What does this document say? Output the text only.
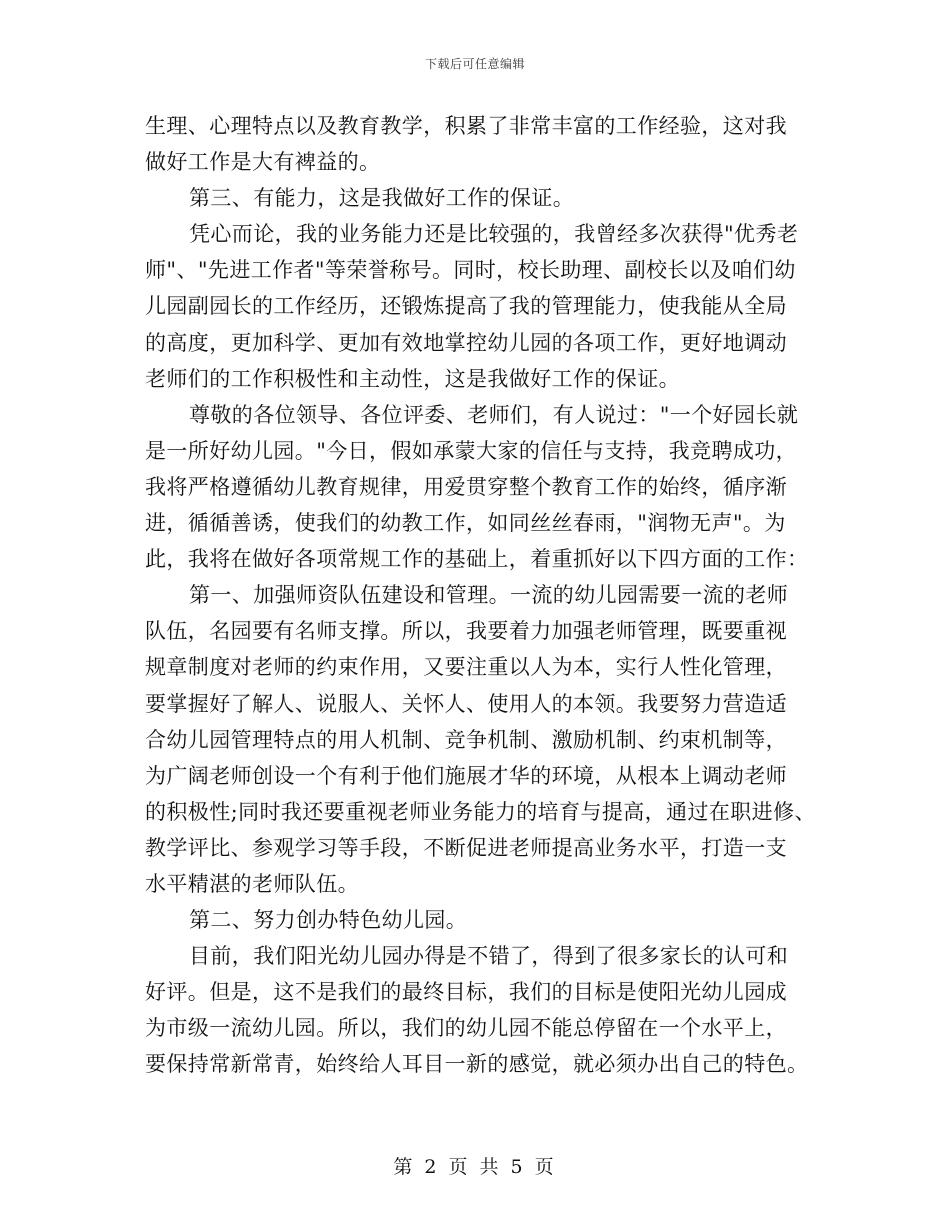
下载后可任意编辑
生理、心理特点以及教育教学，积累了非常丰富的工作经验，这对我
做好工作是大有裨益的。
第三、有能力，这是我做好工作的保证。
凭心而论，我的业务能力还是比较强的，我曾经多次获得"优秀老
师"、"先进工作者"等荣誉称号。同时，校长助理、副校长以及咱们幼
儿园副园长的工作经历，还锻炼提高了我的管理能力，使我能从全局
的高度，更加科学、更加有效地掌控幼儿园的各项工作，更好地调动
老师们的工作积极性和主动性，这是我做好工作的保证。
尊敬的各位领导、各位评委、老师们，有人说过："一个好园长就
是一所好幼儿园。"今日，假如承蒙大家的信任与支持，我竞聘成功，
我将严格遵循幼儿教育规律，用爱贯穿整个教育工作的始终，循序渐
进，循循善诱，使我们的幼教工作，如同丝丝春雨，"润物无声"。为
此，我将在做好各项常规工作的基础上，着重抓好以下四方面的工作：
第一、加强师资队伍建设和管理。一流的幼儿园需要一流的老师
队伍，名园要有名师支撑。所以，我要着力加强老师管理，既要重视
规章制度对老师的约束作用，又要注重以人为本，实行人性化管理，
要掌握好了解人、说服人、关怀人、使用人的本领。我要努力营造适
合幼儿园管理特点的用人机制、竞争机制、激励机制、约束机制等，
为广阔老师创设一个有利于他们施展才华的环境，从根本上调动老师
的积极性;同时我还要重视老师业务能力的培育与提高，通过在职进修、
教学评比、参观学习等手段，不断促进老师提高业务水平，打造一支
水平精湛的老师队伍。
第二、努力创办特色幼儿园。
目前，我们阳光幼儿园办得是不错了，得到了很多家长的认可和
好评。但是，这不是我们的最终目标，我们的目标是使阳光幼儿园成
为市级一流幼儿园。所以，我们的幼儿园不能总停留在一个水平上，
要保持常新常青，始终给人耳目一新的感觉，就必须办出自己的特色。
第 2 页 共 5 页
